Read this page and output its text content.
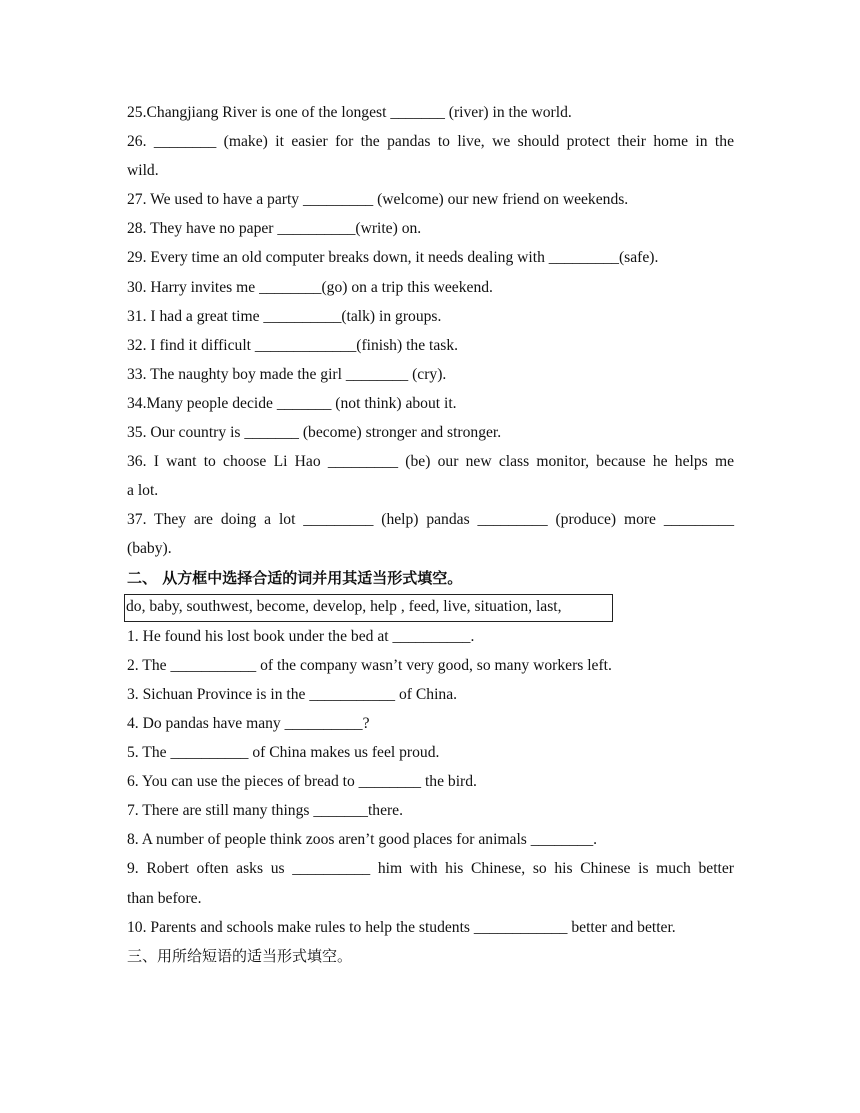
25.Changjiang River is one of the longest _______ (river) in the world.
26. ________ (make) it easier for the pandas to live, we should protect their home in the
wild.
27. We used to have a party _________ (welcome) our new friend on weekends.
28. They have no paper __________(write) on.
29. Every time an old computer breaks down, it needs dealing with _________(safe).
30. Harry invites me ________(go) on a trip this weekend.
31. I had a great time __________(talk) in groups.
32. I find it difficult _____________(finish) the task.
33. The naughty boy made the girl ________ (cry).
34.Many people decide _______ (not think) about it.
35. Our country is _______ (become) stronger and stronger.
36. I want to choose Li Hao _________ (be) our new class monitor, because he helps me
a lot.
37. They are doing a lot _________ (help) pandas _________ (produce) more _________
(baby).
二、 从方框中选择合适的词并用其适当形式填空。
do, baby, southwest, become, develop, help , feed, live, situation, last,
1. He found his lost book under the bed at __________.
2. The ___________ of the company wasn’t very good, so many workers left.
3. Sichuan Province is in the ___________ of China.
4. Do pandas have many __________?
5. The __________ of China makes us feel proud.
6. You can use the pieces of bread to ________ the bird.
7. There are still many things _______there.
8. A number of people think zoos aren’t good places for animals ________.
9. Robert often asks us __________ him with his Chinese, so his Chinese is much better
than before.
10. Parents and schools make rules to help the students ____________ better and better.
三、用所给短语的适当形式填空。
